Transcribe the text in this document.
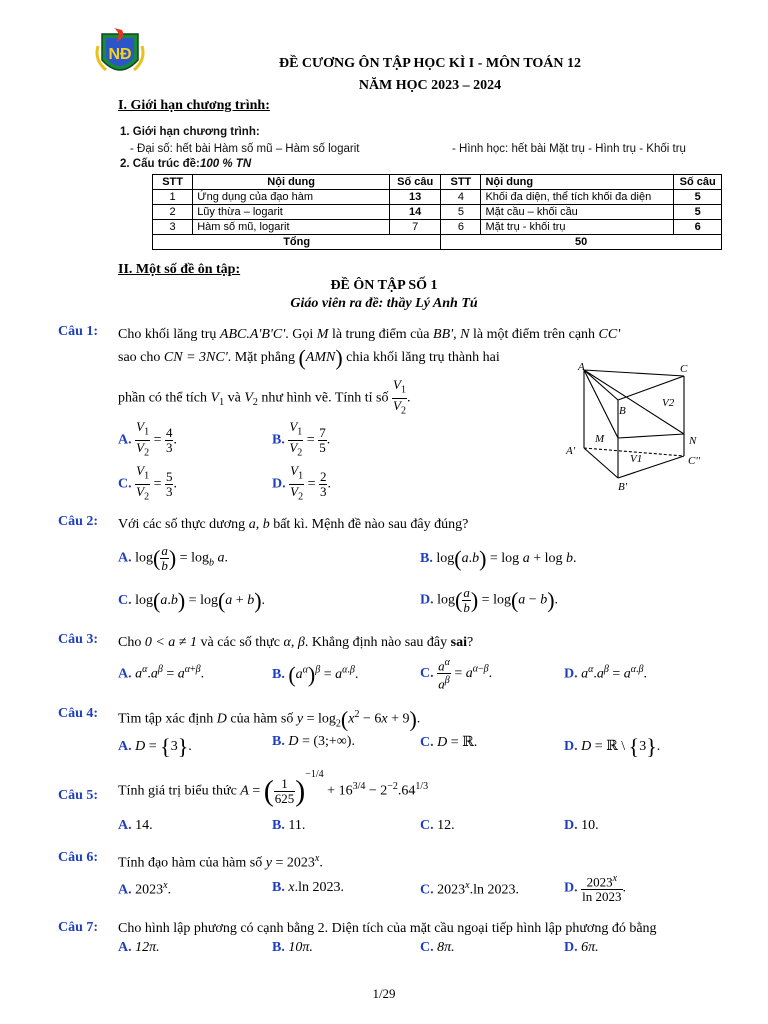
NĐ
ĐỀ CƯƠNG ÔN TẬP HỌC KÌ I - MÔN TOÁN 12
NĂM HỌC 2023 – 2024
I. Giới hạn chương trình:
1. Giới hạn chương trình:
- Đại số: hết bài Hàm số mũ – Hàm số logarit	- Hình học: hết bài Mặt trụ - Hình trụ - Khối trụ
2. Cấu trúc đề: 100 % TN
STT	Nội dung	Số câu	STT	Nội dung	Số câu
1	Ứng dụng của đạo hàm	13	4	Khối đa diện, thể tích khối đa diện	5
2	Lũy thừa – logarit	14	5	Mặt cầu – khối cầu	5
3	Hàm số mũ, logarit	7	6	Mặt trụ - khối trụ	6
Tổng			50		
II. Một số đề ôn tập:
ĐỀ ÔN TẬP SỐ 1
Giáo viên ra đề: thầy Lý Anh Tú
Câu 1: Cho khối lăng trụ ABC.A'B'C'. Gọi M là trung điểm của BB', N là một điểm trên cạnh CC'
sao cho CN = 3NC'. Mặt phẳng (AMN) chia khối lăng trụ thành hai
phần có thể tích $V_1$ và $V_2$ như hình vẽ. Tính tỉ số $\frac{V_1}{V_2}$ .
A. $\frac{V_1}{V_2} = \frac{4}{3}$ .	B. $\frac{V_1}{V_2} = \frac{7}{5}$ .
C. $\frac{V_1}{V_2} = \frac{5}{3}$ .	D. $\frac{V_1}{V_2} = \frac{2}{3}$ .
A	C
B
V2
M	N
A'
V1	C''
B'
Câu 2: Với các số thực dương a, b bất kì. Mệnh đề nào sau đây đúng?
A. $\log( \frac{a}{b}$ ) = $\log_b a$.	B. log(a.b) = log a + log b.
C. log(a.b) = log(a + b).	D. $\log( \frac{a}{b}$ ) = log(a − b).
Câu 3: Cho 0 < a ≠ 1 và các số thực α, β. Khẳng định nào sau đây sai?
A. $a^\alpha.a^\beta = a^{\alpha+\beta}$.	B. $(a^\alpha)^\beta = a^{\alpha.\beta}$.	C. $\frac{a^\alpha}{a^\beta} = a^{\alpha-\beta}$.	D. $a^\alpha.a^\beta = a^{\alpha.\beta}$.
Câu 4: Tìm tập xác định D của hàm số $y = \log_2(x^2 - 6x + 9)$.
A. D = {3}.	B. D = (3;+∞).	C. D = ℝ.	D. D = ℝ \ {3}.
Câu 5: Tính giá trị biểu thức A = ( $\frac{1}{625} )^{-1/4} + 16^{3/4} - 2^{-2}.64^{1/3}$
A. 14.	B. 11.	C. 12.	D. 10.
Câu 6: Tính đạo hàm của hàm số $y = 2023^x$.
A. 2023$^x$.	B. x.ln 2023.	C. 2023$^x$.ln 2023.	D. $\frac{2023^x}{\ln 2023}$ .
Câu 7: Cho hình lập phương có cạnh bằng 2. Diện tích của mặt cầu ngoại tiếp hình lập phương đó bằng
A. 12π.	B. 10π.	C. 8π.	D. 6π.
1/29
